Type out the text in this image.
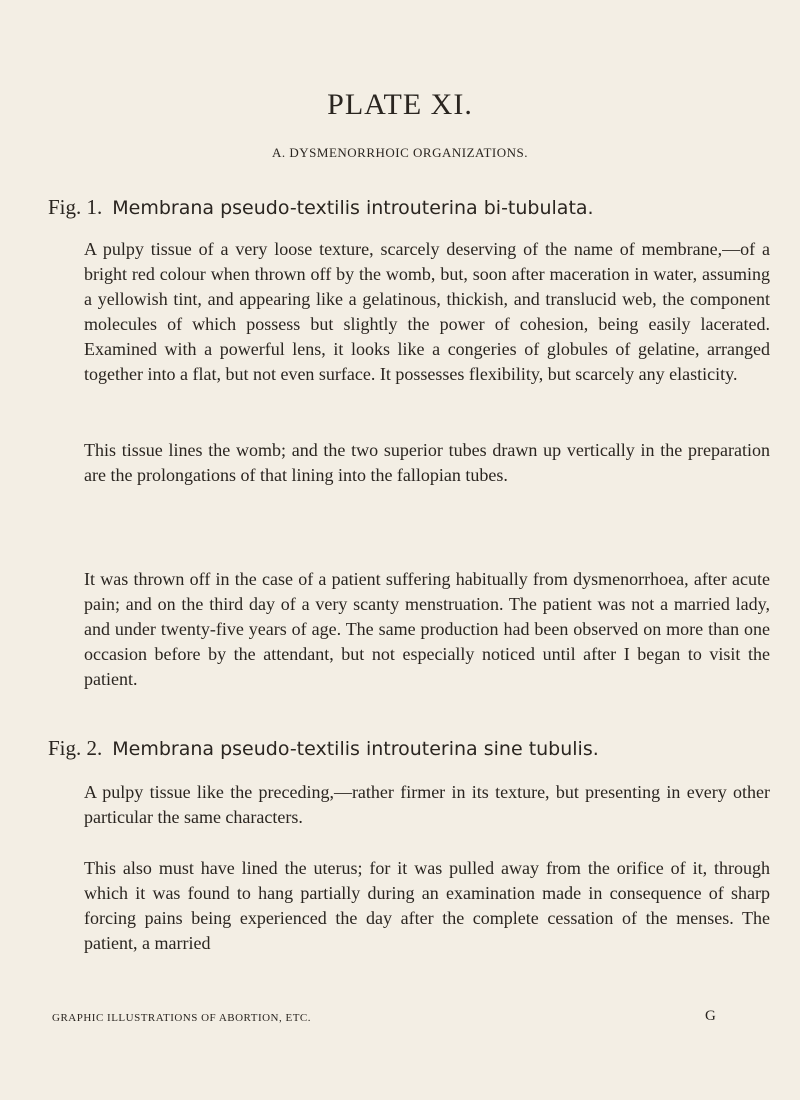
PLATE XI.

A. DYSMENORRHOIC ORGANIZATIONS.

Fig. 1. Membrana pseudo-textilis introuterina bi-tubulata.

A pulpy tissue of a very loose texture, scarcely deserving of the name of membrane,—of a bright red colour when thrown off by the womb, but, soon after maceration in water, assuming a yellowish tint, and appearing like a gelatinous, thickish, and translucid web, the component molecules of which possess but slightly the power of cohesion, being easily lacerated. Examined with a powerful lens, it looks like a congeries of globules of gelatine, arranged together into a flat, but not even surface. It possesses flexibility, but scarcely any elasticity.

This tissue lines the womb; and the two superior tubes drawn up vertically in the preparation are the prolongations of that lining into the fallopian tubes.

It was thrown off in the case of a patient suffering habitually from dysmenorrhoea, after acute pain; and on the third day of a very scanty menstruation. The patient was not a married lady, and under twenty-five years of age. The same production had been observed on more than one occasion before by the attendant, but not especially noticed until after I began to visit the patient.

Fig. 2. Membrana pseudo-textilis introuterina sine tubulis.

A pulpy tissue like the preceding,—rather firmer in its texture, but presenting in every other particular the same characters.

This also must have lined the uterus; for it was pulled away from the orifice of it, through which it was found to hang partially during an examination made in consequence of sharp forcing pains being experienced the day after the complete cessation of the menses. The patient, a married

GRAPHIC ILLUSTRATIONS OF ABORTION, ETC.	G
